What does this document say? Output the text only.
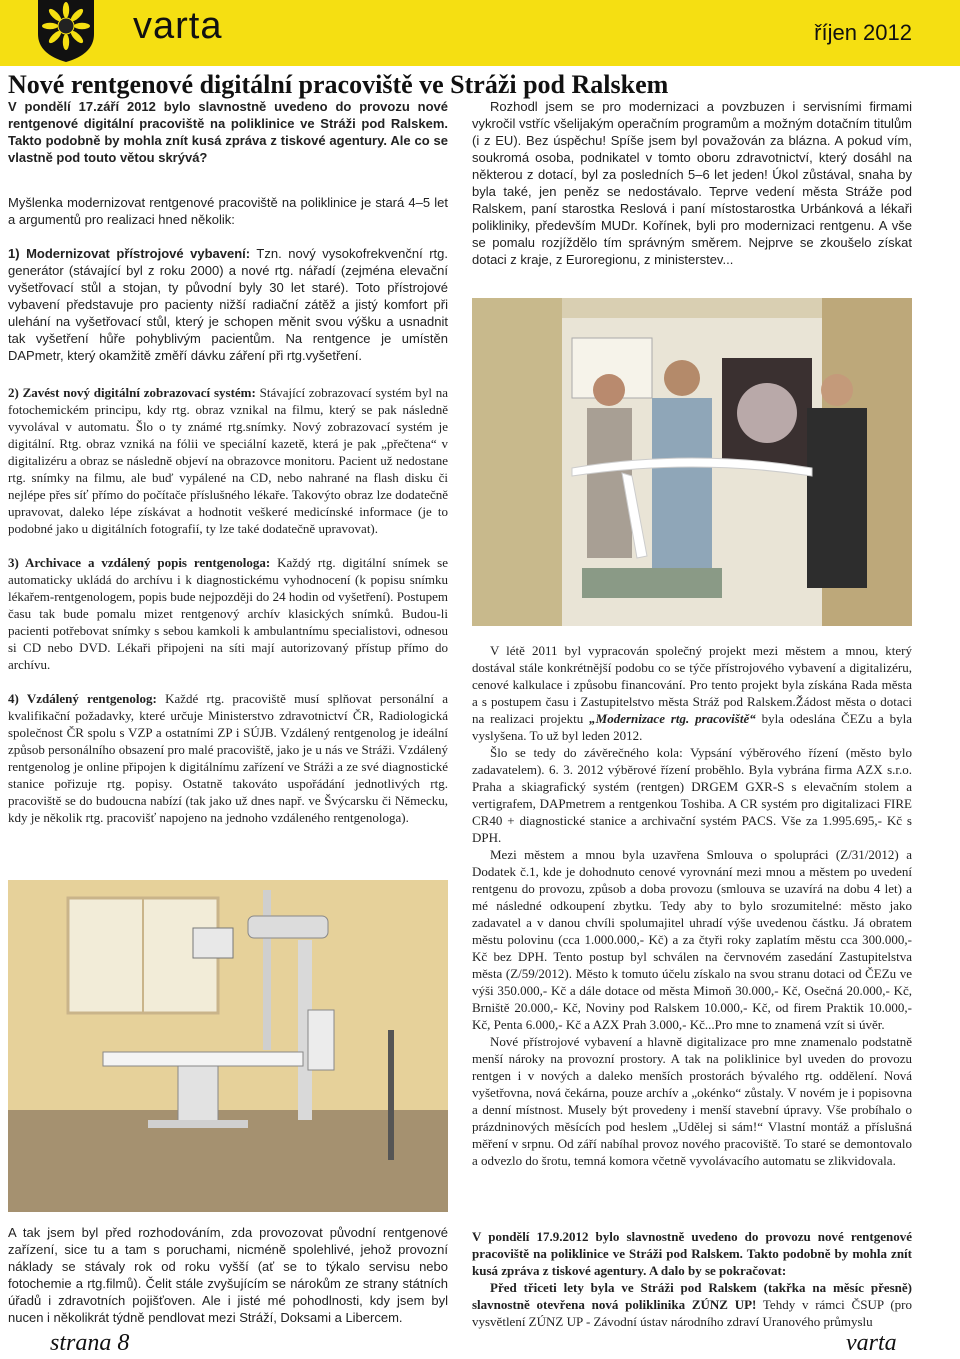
varta	říjen 2012
Nové rentgenové digitální pracoviště ve Stráži pod Ralskem

V pondělí 17.září 2012 bylo slavnostně uvedeno do provozu nové rentgenové digitální pracoviště na poliklinice ve Stráži pod Ralskem. Takto podobně by mohla znít kusá zpráva z tiskové agentury. Ale co se vlastně pod touto větou skrývá?

Myšlenka modernizovat rentgenové pracoviště na poliklinice je stará 4–5 let a argumentů pro realizaci hned několik:

1) Modernizovat přístrojové vybavení: Tzn. nový vysokofrekvenční rtg. generátor (stávající byl z roku 2000) a nové rtg. nářadí (zejména elevační vyšetřovací stůl a stojan, ty původní byly 30 let staré). Toto přístrojové vybavení představuje pro pacienty nižší radiační zátěž a jistý komfort při ulehání na vyšetřovací stůl, který je schopen měnit svou výšku a usnadnit tak vyšetření hůře pohyblivým pacientům. Na rentgence je umístěn DAPmetr, který okamžitě změří dávku záření při rtg.vyšetření.

2) Zavést nový digitální zobrazovací systém: Stávající zobrazovací systém byl na fotochemickém principu, kdy rtg. obraz vznikal na filmu, který se pak následně vyvolával v automatu. Šlo o ty známé rtg.snímky. Nový zobrazovací systém je digitální. Rtg. obraz vzniká na fólii ve speciální kazetě, která je pak „přečtena“ v digitalizéru a obraz se následně objeví na obrazovce monitoru. Pacient už nedostane rtg. snímky na filmu, ale buď vypálené na CD, nebo nahrané na flash disku či nejlépe přes síť přímo do počítače příslušného lékaře. Takovýto obraz lze dodatečně upravovat, daleko lépe získávat a hodnotit veškeré medicínské informace (je to podobné jako u digitálních fotografií, ty lze také dodatečně upravovat).

3) Archivace a vzdálený popis rentgenologa: Každý rtg. digitální snímek se automaticky ukládá do archívu i k diagnostickému vyhodnocení (k popisu snímku lékařem-rentgenologem, popis bude nejpozději do 24 hodin od vyšetření). Postupem času tak bude pomalu mizet rentgenový archív klasických snímků. Budou-li pacienti potřebovat snímky s sebou kamkoli k ambulantnímu specialistovi, odnesou si CD nebo DVD. Lékaři připojeni na síti mají autorizovaný přístup přímo do archívu.

4) Vzdálený rentgenolog: Každé rtg. pracoviště musí splňovat personální a kvalifikační požadavky, které určuje Ministerstvo zdravotnictví ČR, Radiologická společnost ČR spolu s VZP a ostatními ZP i SÚJB. Vzdálený rentgenolog je ideální způsob personálního obsazení pro malé pracoviště, jako je u nás ve Stráži. Vzdálený rentgenolog je online připojen k digitálnímu zařízení ve Stráži a ze své diagnostické stanice pořizuje rtg. popisy. Ostatně takováto uspořádání jednotlivých rtg. pracoviště se do budoucna nabízí (tak jako už dnes např. ve Švýcarsku či Německu, kdy je několik rtg. pracovišť napojeno na jednoho vzdáleného rentgenologa).

A tak jsem byl před rozhodováním, zda provozovat původní rentgenové zařízení, sice tu a tam s poruchami, nicméně spolehlivé, jehož provozní náklady se stávaly rok od roku vyšší (ať se to týkalo servisu nebo fotochemie a rtg.filmů). Čelit stále zvyšujícím se nárokům ze strany státních úřadů i zdravotních pojišťoven. Ale i jisté mé pohodlnosti, kdy jsem byl nucen i několikrát týdně pendlovat mezi Stráží, Doksami a Libercem.

Rozhodl jsem se pro modernizaci a povzbuzen i servisními firmami vykročil vstříc všelijakým operačním programům a možným dotačním titulům (i z EU). Bez úspěchu! Spíše jsem byl považován za blázna. A pokud vím, soukromá osoba, podnikatel v tomto oboru zdravotnictví, který dosáhl na některou z dotací, byl za posledních 5–6 let jeden! Úkol zůstával, snaha by byla také, jen peněz se nedostávalo. Teprve vedení města Stráže pod Ralskem, paní starostka Reslová i paní místostarostka Urbánková a lékaři polikliniky, především MUDr. Kořínek, byli pro modernizaci rentgenu. A vše se pomalu rozjíždělo tím správným směrem. Nejprve se zkoušelo získat dotaci z kraje, z Euroregionu, z ministerstev...

V létě 2011 byl vypracován společný projekt mezi městem a mnou, který dostával stále konkrétnější podobu co se týče přístrojového vybavení a digitalizéru, cenové kalkulace i způsobu financování. Pro tento projekt byla získána Rada města a s postupem času i Zastupitelstvo města Stráž pod Ralskem.Žádost města o dotaci na realizaci projektu „Modernizace rtg. pracoviště“ byla odeslána ČEZu a byla vyslyšena. To už byl leden 2012.

Šlo se tedy do závěrečného kola: Vypsání výběrového řízení (město bylo zadavatelem). 6. 3. 2012 výběrové řízení proběhlo. Byla vybrána firma AZX s.r.o. Praha a skiagrafický systém (rentgen) DRGEM GXR-S s elevačním stolem a vertigrafem, DAPmetrem a rentgenkou Toshiba. A CR systém pro digitalizaci FIRE CR40 + diagnostické stanice a archivační systém PACS. Vše za 1.995.695,- Kč s DPH.

Mezi městem a mnou byla uzavřena Smlouva o spolupráci (Z/31/2012) a Dodatek č.1, kde je dohodnuto cenové vyrovnání mezi mnou a městem po uvedení rentgenu do provozu, způsob a doba provozu (smlouva se uzavírá na dobu 4 let) a mé následné odkoupení zbytku. Tedy aby to bylo srozumitelné: město jako zadavatel a v danou chvíli spolumajitel uhradí výše uvedenou částku. Já obratem městu polovinu (cca 1.000.000,- Kč) a za čtyři roky zaplatím městu cca 300.000,- Kč bez DPH. Tento postup byl schválen na červnovém zasedání Zastupitelstva města (Z/59/2012). Město k tomuto účelu získalo na svou stranu dotaci od ČEZu ve výši 350.000,- Kč a dále dotace od města Mimoň 30.000,- Kč, Osečná 20.000,- Kč, Brniště 20.000,- Kč, Noviny pod Ralskem 10.000,- Kč, od firem Praktik 10.000,- Kč, Penta 6.000,- Kč a AZX Prah 3.000,- Kč...Pro mne to znamená vzít si úvěr.

Nové přístrojové vybavení a hlavně digitalizace pro mne znamenalo podstatně menší nároky na provozní prostory. A tak na poliklinice byl uveden do provozu rentgen i v nových a daleko menších prostorách bývalého rtg. oddělení. Nová vyšetřovna, nová čekárna, pouze archív a „okénko“ zůstaly. V novém je i popisovna a denní místnost. Musely být provedeny i menší stavební úpravy. Vše probíhalo o prázdninových měsících pod heslem „Udělej si sám!“ Vlastní montáž a příslušná měření v srpnu. Od září nabíhal provoz nového pracoviště. To staré se demontovalo a odvezlo do šrotu, temná komora včetně vyvolávacího automatu se zlikvidovala.

V pondělí 17.9.2012 bylo slavnostně uvedeno do provozu nové rentgenové pracoviště na poliklinice ve Stráži pod Ralskem. Takto podobně by mohla znít kusá zpráva z tiskové agentury. A dalo by se pokračovat:

Před třiceti lety byla ve Stráži pod Ralskem (takřka na měsíc přesně) slavnostně otevřena nová poliklinika ZÚNZ UP! Tehdy v rámci ČSUP (pro vysvětlení ZÚNZ UP - Závodní ústav národního zdraví Uranového průmyslu

strana 8	varta
